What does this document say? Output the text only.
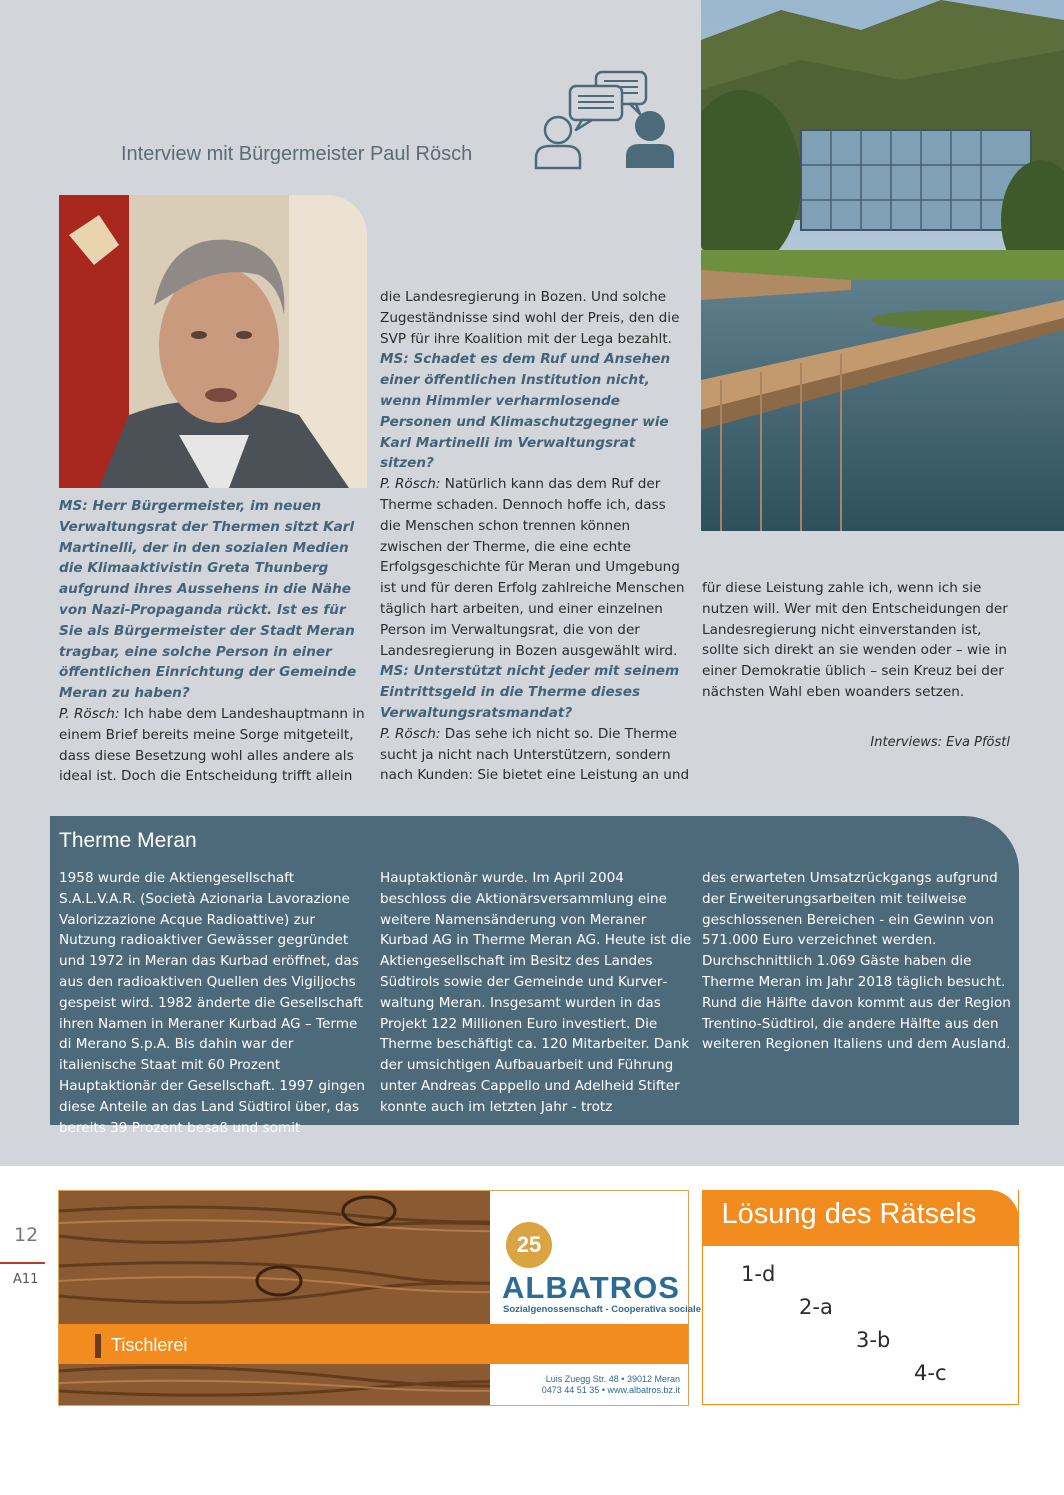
Interview mit Bürgermeister Paul Rösch

MS: Herr Bürgermeister, im neuen Verwaltungsrat der Thermen sitzt Karl Martinelli, der in den sozialen Medien die Klimaaktivistin Greta Thunberg aufgrund ihres Aussehens in die Nähe von Nazi-Propaganda rückt. Ist es für Sie als Bürgermeister der Stadt Meran tragbar, eine solche Person in einer öffentlichen Einrichtung der Gemeinde Meran zu haben?

P. Rösch: Ich habe dem Landeshauptmann in einem Brief bereits meine Sorge mitgeteilt, dass diese Besetzung wohl alles andere als ideal ist. Doch die Entscheidung trifft allein

die Landesregierung in Bozen. Und solche Zugeständnisse sind wohl der Preis, den die SVP für ihre Koalition mit der Lega bezahlt.

MS: Schadet es dem Ruf und Ansehen einer öffentlichen Institution nicht, wenn Himmler verharmlosende Personen und Klimaschutzgegner wie Karl Martinelli im Verwaltungsrat sitzen?

P. Rösch: Natürlich kann das dem Ruf der Therme schaden. Dennoch hoffe ich, dass die Menschen schon trennen können zwischen der Therme, die eine echte Erfolgsgeschichte für Meran und Umgebung ist und für deren Erfolg zahlreiche Menschen täglich hart arbeiten, und einer einzelnen Person im Verwaltungsrat, die von der Landesregierung in Bozen ausgewählt wird.

MS: Unterstützt nicht jeder mit seinem Eintrittsgeld in die Therme dieses Verwaltungsratsmandat?

P. Rösch: Das sehe ich nicht so. Die Therme sucht ja nicht nach Unterstützern, sondern nach Kunden: Sie bietet eine Leistung an und

für diese Leistung zahle ich, wenn ich sie nutzen will. Wer mit den Entscheidungen der Landesregierung nicht einverstanden ist, sollte sich direkt an sie wenden oder – wie in einer Demokratie üblich – sein Kreuz bei der nächsten Wahl eben woanders setzen.

Interviews: Eva Pföstl
Therme Meran
1958 wurde die Aktiengesellschaft S.A.L.V.A.R. (Società Azionaria Lavorazione Valorizzazione Acque Radioattive) zur Nutzung radioaktiver Gewässer gegründet und 1972 in Meran das Kurbad eröffnet, das aus den radioaktiven Quellen des Vigiljochs gespeist wird. 1982 änderte die Gesellschaft ihren Namen in Meraner Kurbad AG – Terme di Merano S.p.A. Bis dahin war der italienische Staat mit 60 Prozent Hauptaktionär der Gesellschaft. 1997 gingen diese Anteile an das Land Südtirol über, das bereits 39 Prozent besaß und somit
Hauptaktionär wurde. Im April 2004 beschloss die Aktionärsversammlung eine weitere Namensänderung von Meraner Kurbad AG in Therme Meran AG. Heute ist die Aktiengesellschaft im Besitz des Landes Südtirols sowie der Gemeinde und Kurverwaltung Meran. Insgesamt wurden in das Projekt 122 Millionen Euro investiert. Die Therme beschäftigt ca. 120 Mitarbeiter. Dank der umsichtigen Aufbauarbeit und Führung unter Andreas Cappello und Adelheid Stifter konnte auch im letzten Jahr - trotz
des erwarteten Umsatzrückgangs aufgrund der Erweiterungsarbeiten mit teilweise geschlossenen Bereichen - ein Gewinn von 571.000 Euro verzeichnet werden. Durchschnittlich 1.069 Gäste haben die Therme Meran im Jahr 2018 täglich besucht. Rund die Hälfte davon kommt aus der Region Trentino-Südtirol, die andere Hälfte aus den weiteren Regionen Italiens und dem Ausland.
12
A11
Tischlerei
Luis Zuegg Str. 48 • 39012 Meran
0473 44 51 35 • www.albatros.bz.it
25
ALBATROS
Sozialgenossenschaft - Cooperativa sociale
Lösung des Rätsels
1-d
2-a
3-b
4-c
